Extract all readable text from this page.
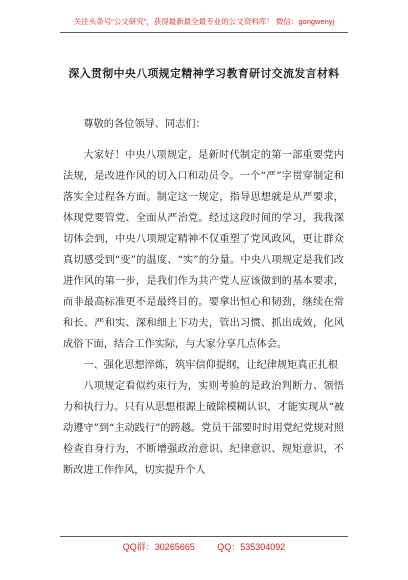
关注头条号“公文研究”，获得最新最全最专业的公文资料库！ 微信：gongwenyj
深入贯彻中央八项规定精神学习教育研讨交流发言材料

尊敬的各位领导、同志们：

大家好！中央八项规定，是新时代制定的第一部重要党内法规，是改进作风的切入口和动员令。一个“严”字贯穿制定和落实全过程各方面。制定这一规定，指导思想就是从严要求，体现党要管党、全面从严治党。经过这段时间的学习，我我深切体会到，中央八项规定精神不仅重塑了党风政风，更让群众真切感受到“变”的温度、“实”的分量。中央八项规定是我们改进作风的第一步，是我们作为共产党人应该做到的基本要求，而非最高标准更不是最终目的。要拿出恒心和韧劲，继续在常和长、严和实、深和细上下功夫，管出习惯、抓出成效，化风成俗下面，结合工作实际，与大家分享几点体会。

一、强化思想淬炼，筑牢信仰提纲，让纪律规矩真正扎根

八项规定看似约束行为，实则考验的是政治判断力、领悟力和执行力。只有从思想根源上破除模糊认识，才能实现从“被动遵守”到“主动践行”的跨越。党员干部要时时用党纪党规对照检查自身行为，不断增强政治意识、纪律意识、规矩意识，不断改进工作作风，切实提升个人

QQ群：30265665	QQ：535304092
